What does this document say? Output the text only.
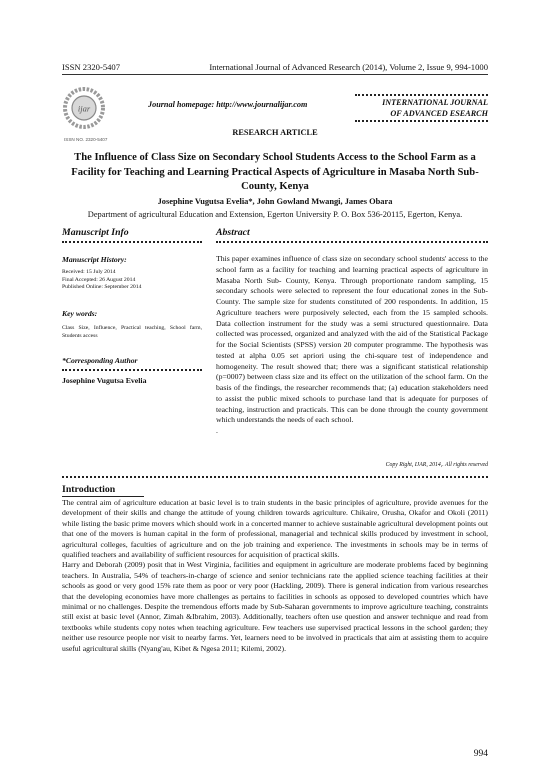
ISSN 2320-5407	International Journal of Advanced Research (2014), Volume 2, Issue 9, 994-1000
ijar
ISSN NO. 2320-5407
Journal homepage: http://www.journalijar.com	INTERNATIONAL JOURNAL
OF ADVANCED ESEARCH
RESEARCH ARTICLE
The Influence of Class Size on Secondary School Students Access to the School Farm as a Facility for Teaching and Learning Practical Aspects of Agriculture in Masaba North Sub-County, Kenya
Josephine Vugutsa Evelia*, John Gowland Mwangi, James Obara
Department of agricultural Education and Extension, Egerton University P. O. Box 536-20115, Egerton, Kenya.
Manuscript Info	Abstract
Manuscript History:
Received: 15 July 2014
Final Accepted: 26 August 2014
Published Online: September 2014
Key words:
Class Size, Influence, Practical teaching, School farm, Students access
*Corresponding Author
Josephine Vugutsa Evelia
This paper examines influence of class size on secondary school students' access to the school farm as a facility for teaching and learning practical aspects of agriculture in Masaba North Sub- County, Kenya. Through proportionate random sampling, 15 secondary schools were selected to represent the four educational zones in the Sub-County. The sample size for students constituted of 200 respondents. In addition, 15 Agriculture teachers were purposively selected, each from the 15 sampled schools. Data collection instrument for the study was a semi structured questionnaire. Data collected was processed, organized and analyzed with the aid of the Statistical Package for the Social Scientists (SPSS) version 20 computer programme. The hypothesis was tested at alpha 0.05 set apriori using the chi-square test of independence and homogeneity. The result showed that; there was a significant statistical relationship (p=0007) between class size and its effect on the utilization of the school farm. On the basis of the findings, the researcher recommends that; (a) education stakeholders need to assist the public mixed schools to purchase land that is adequate for purposes of teaching, instruction and practicals. This can be done through the county government which understands the needs of each school.
.
Copy Right, IJAR, 2014,. All rights reserved
Introduction

The central aim of agriculture education at basic level is to train students in the basic principles of agriculture, provide avenues for the development of their skills and change the attitude of young children towards agriculture. Chikaire, Orusha, Okafor and Okoli (2011) while listing the basic prime movers which should work in a concerted manner to achieve sustainable agricultural development points out that one of the movers is human capital in the form of professional, managerial and technical skills produced by investment in school, agricultural colleges, faculties of agriculture and on the job training and experience. The investments in schools may be in terms of qualified teachers and availability of sufficient resources for acquisition of practical skills.

Harry and Deborah (2009) posit that in West Virginia, facilities and equipment in agriculture are moderate problems faced by beginning teachers. In Australia, 54% of teachers-in-charge of science and senior technicians rate the applied science teaching facilities at their schools as good or very good 15% rate them as poor or very poor (Hackling, 2009). There is general indication from various researches that the developing economies have more challenges as pertains to facilities in schools as opposed to developed countries which have minimal or no challenges. Despite the tremendous efforts made by Sub-Saharan governments to improve agriculture teaching, constraints still exist at basic level (Annor, Zimah &Ibrahim, 2003). Additionally, teachers often use question and answer technique and read from textbooks while students copy notes when teaching agriculture. Few teachers use supervised practical lessons in the school garden; they neither use resource people nor visit to nearby farms. Yet, learners need to be involved in practicals that aim at assisting them to acquire useful agricultural skills (Nyang'au, Kibet & Ngesa 2011; Kilemi, 2002).

994
